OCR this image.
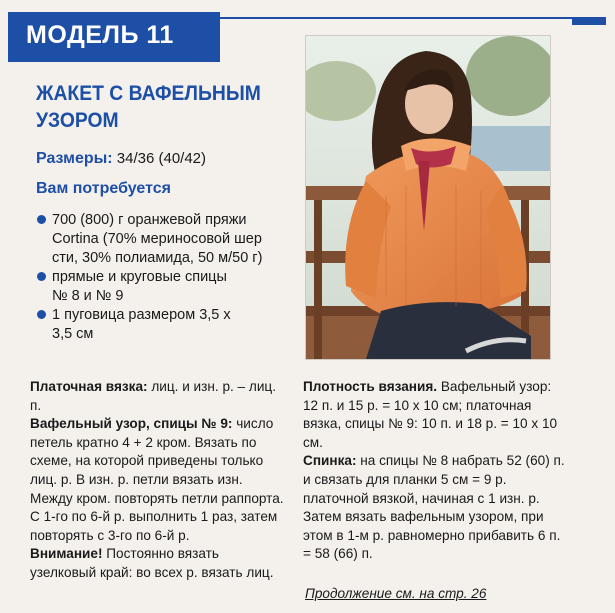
МОДЕЛЬ 11
ЖАКЕТ С ВАФЕЛЬНЫМ
УЗОРОМ
Размеры: 34/36 (40/42)
Вам потребуется
700 (800) г оранжевой пряжи
Cortina (70% мериносовой шер
сти, 30% полиамида, 50 м/50 г)
прямые и круговые спицы
№ 8 и № 9
1 пуговица размером 3,5 х
3,5 см

Платочная вязка: лиц. и изн. р. – лиц. п.

Вафельный узор, спицы № 9: число петель кратно 4 + 2 кром. Вязать по схеме, на которой приведены только лиц. р. В изн. р. петли вязать изн. Между кром. повторять петли раппорта. С 1-го по 6-й р. выполнить 1 раз, затем повторять с 3-го по 6-й р.

Внимание! Постоянно вязать узелковый край: во всех р. вязать лиц.

Плотность вязания. Вафельный узор: 12 п. и 15 р. = 10 х 10 см; платочная вязка, спицы № 9: 10 п. и 18 р. = 10 х 10 см.

Спинка: на спицы № 8 набрать 52 (60) п. и связать для планки 5 см = 9 р. платочной вязкой, начиная с 1 изн. р. Затем вязать вафельным узором, при этом в 1-м р. равномерно прибавить 6 п. = 58 (66) п.

Продолжение см. на стр. 26
